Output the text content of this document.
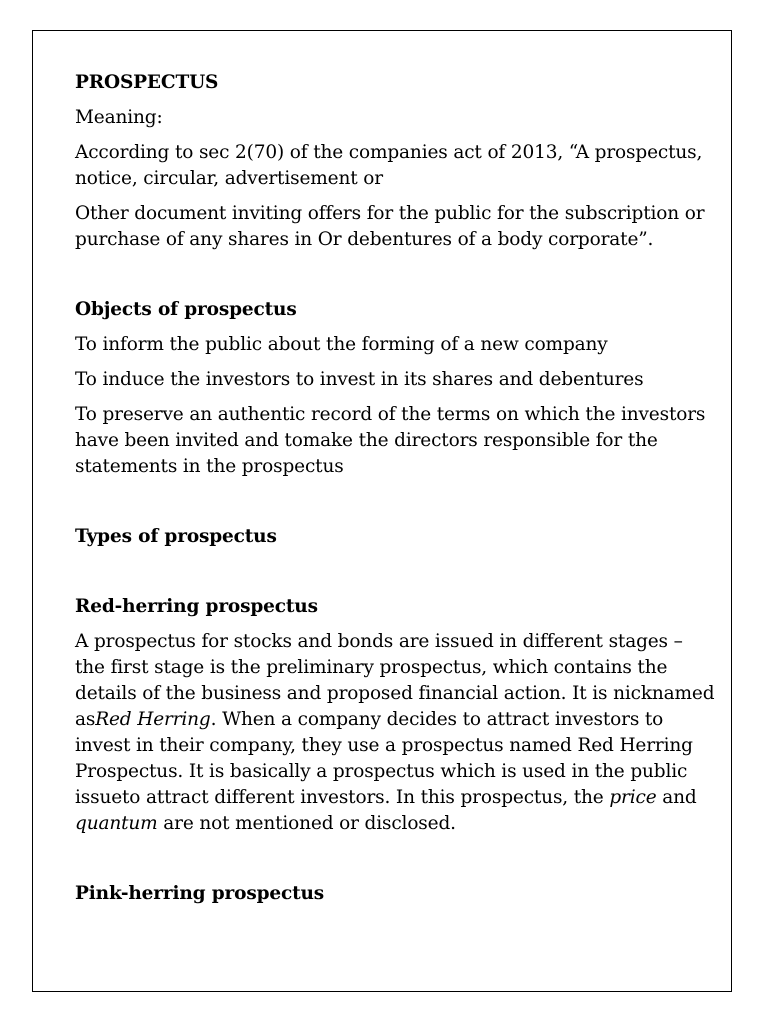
PROSPECTUS

Meaning:

According to sec 2(70) of the companies act of 2013, “A prospectus, notice, circular, advertisement or

Other document inviting offers for the public for the subscription or purchase of any shares in Or debentures of a body corporate”.

Objects of prospectus

To inform the public about the forming of a new company

To induce the investors to invest in its shares and debentures

To preserve an authentic record of the terms on which the investors have been invited and tomake the directors responsible for the statements in the prospectus

Types of prospectus

Red-herring prospectus

A prospectus for stocks and bonds are issued in different stages – the first stage is the preliminary prospectus, which contains the details of the business and proposed financial action. It is nicknamed asRed Herring. When a company decides to attract investors to invest in their company, they use a prospectus named Red Herring Prospectus. It is basically a prospectus which is used in the public issueto attract different investors. In this prospectus, the price and quantum are not mentioned or disclosed.

Pink-herring prospectus
